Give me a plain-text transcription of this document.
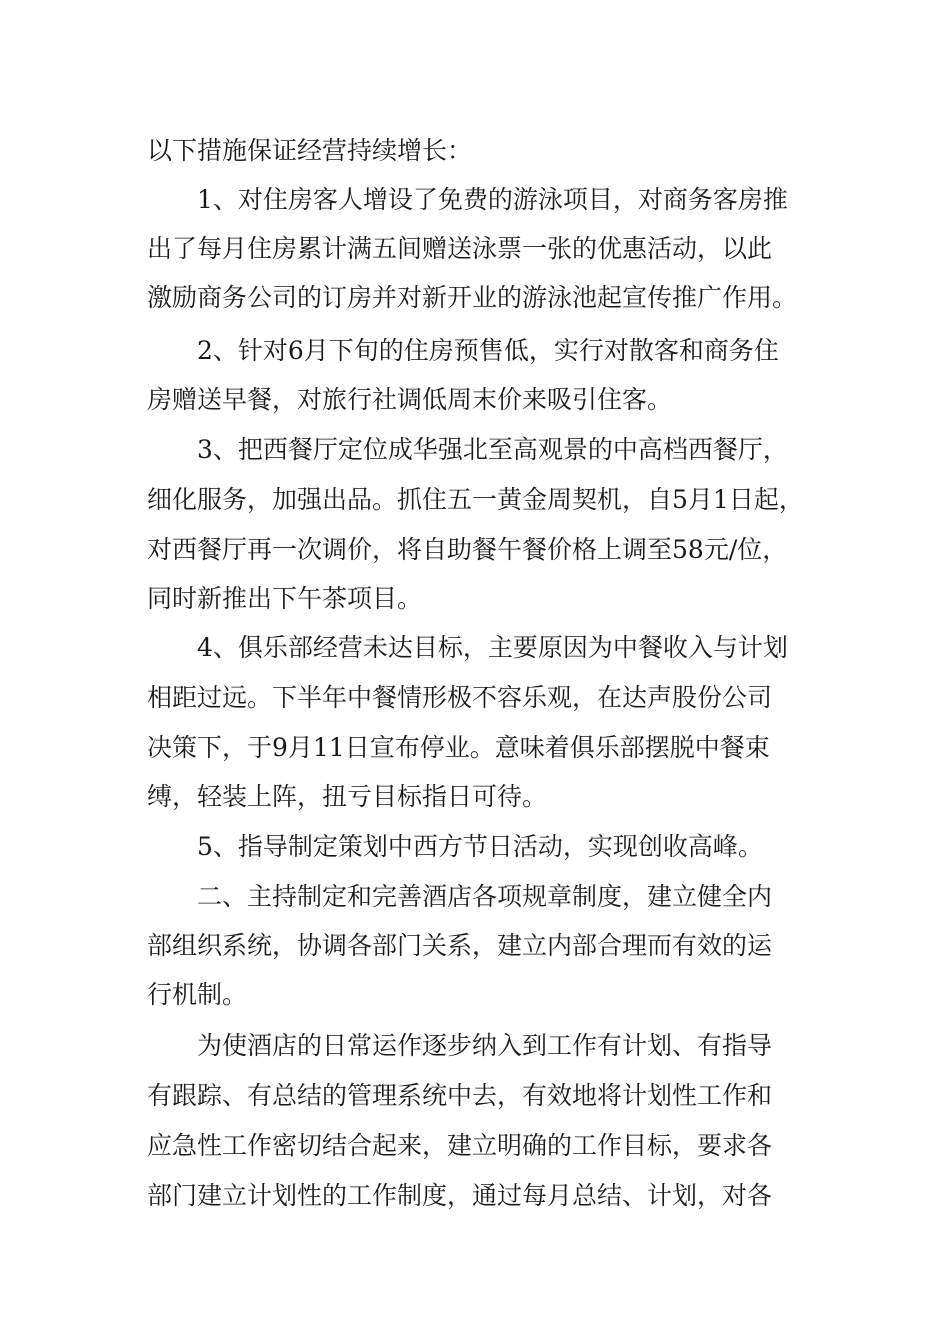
以下措施保证经营持续增长：
1、对住房客人增设了免费的游泳项目，对商务客房推
出了每月住房累计满五间赠送泳票一张的优惠活动，以此
激励商务公司的订房并对新开业的游泳池起宣传推广作用。
2、针对6月下旬的住房预售低，实行对散客和商务住
房赠送早餐，对旅行社调低周末价来吸引住客。
3、把西餐厅定位成华强北至高观景的中高档西餐厅，
细化服务，加强出品。抓住五一黄金周契机，自5月1日起，
对西餐厅再一次调价，将自助餐午餐价格上调至58元/位，
同时新推出下午茶项目。
4、俱乐部经营未达目标，主要原因为中餐收入与计划
相距过远。下半年中餐情形极不容乐观，在达声股份公司
决策下，于9月11日宣布停业。意味着俱乐部摆脱中餐束
缚，轻装上阵，扭亏目标指日可待。
5、指导制定策划中西方节日活动，实现创收高峰。
二、主持制定和完善酒店各项规章制度，建立健全内
部组织系统，协调各部门关系，建立内部合理而有效的运
行机制。
为使酒店的日常运作逐步纳入到工作有计划、有指导
有跟踪、有总结的管理系统中去，有效地将计划性工作和
应急性工作密切结合起来，建立明确的工作目标，要求各
部门建立计划性的工作制度，通过每月总结、计划，对各
